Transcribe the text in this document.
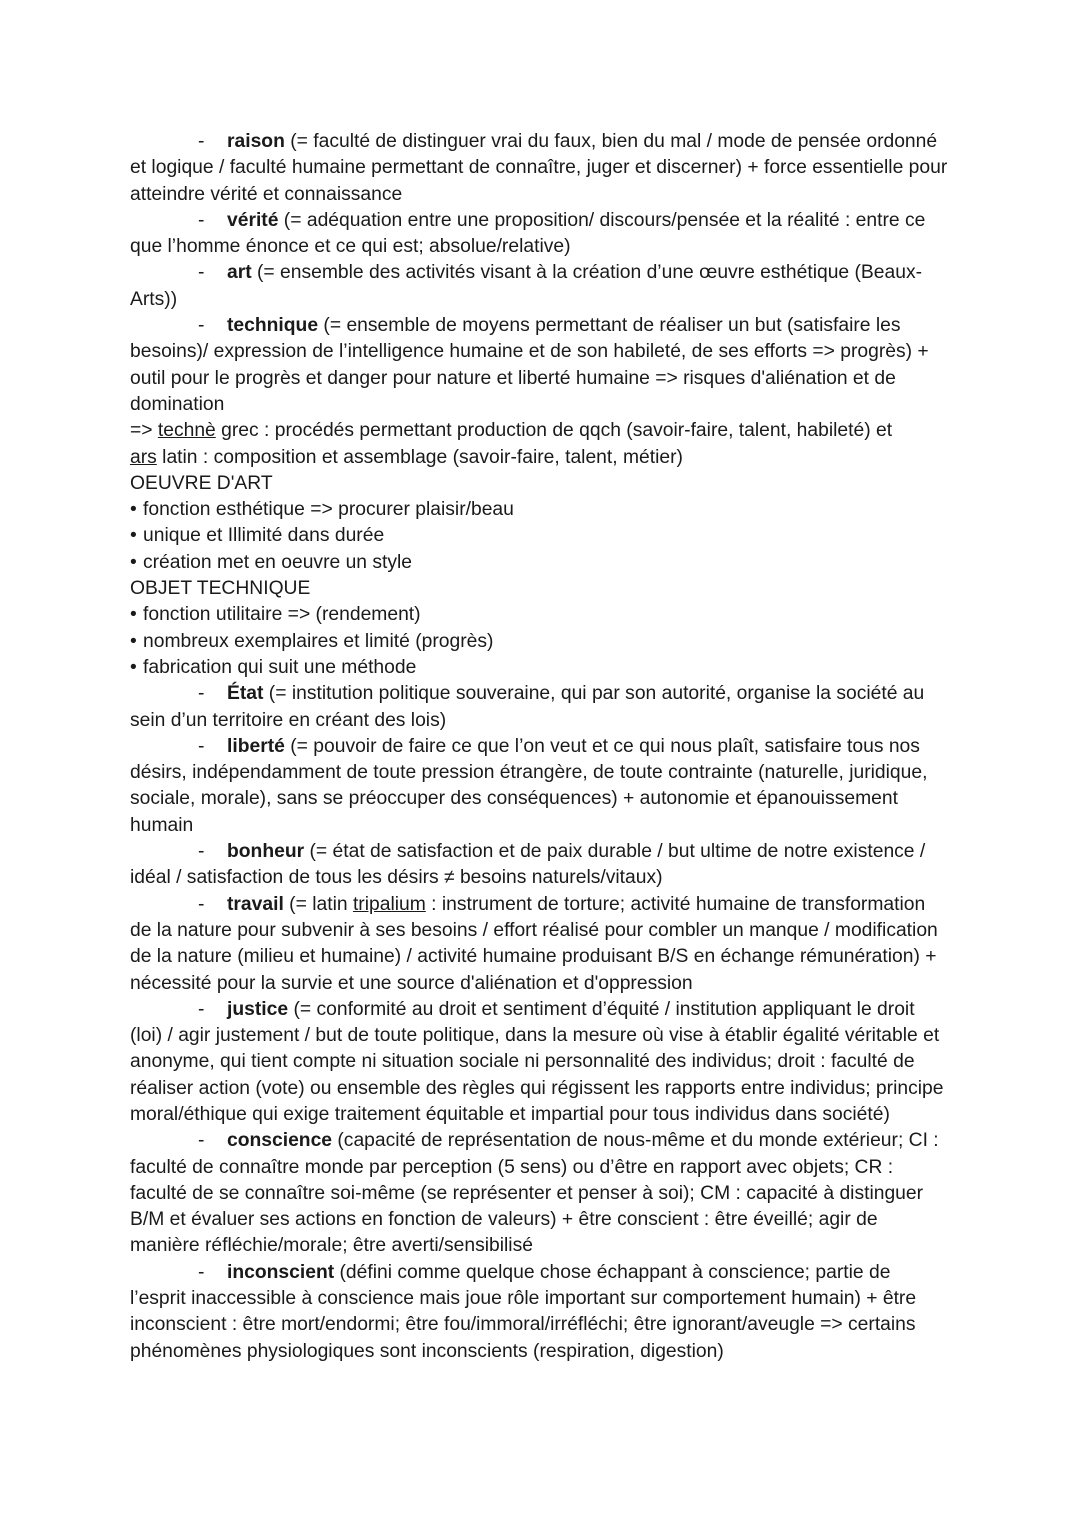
- raison (= faculté de distinguer vrai du faux, bien du mal / mode de pensée ordonné et logique / faculté humaine permettant de connaître, juger et discerner) + force essentielle pour atteindre vérité et connaissance

- vérité (= adéquation entre une proposition/ discours/pensée et la réalité : entre ce que l’homme énonce et ce qui est; absolue/relative)

- art (= ensemble des activités visant à la création d’une œuvre esthétique (Beaux-Arts))

- technique (= ensemble de moyens permettant de réaliser un but (satisfaire les besoins)/ expression de l’intelligence humaine et de son habileté, de ses efforts => progrès) + outil pour le progrès et danger pour nature et liberté humaine => risques d'aliénation et de domination

=> technè grec : procédés permettant production de qqch (savoir-faire, talent, habileté) et

ars latin : composition et assemblage (savoir-faire, talent, métier)

OEUVRE D'ART

• fonction esthétique => procurer plaisir/beau

• unique et Illimité dans durée

• création met en oeuvre un style

OBJET TECHNIQUE

• fonction utilitaire => (rendement)

• nombreux exemplaires et limité (progrès)

• fabrication qui suit une méthode

- État (= institution politique souveraine, qui par son autorité, organise la société au sein d’un territoire en créant des lois)

- liberté (= pouvoir de faire ce que l’on veut et ce qui nous plaît, satisfaire tous nos désirs, indépendamment de toute pression étrangère, de toute contrainte (naturelle, juridique, sociale, morale), sans se préoccuper des conséquences) + autonomie et épanouissement humain

- bonheur (= état de satisfaction et de paix durable / but ultime de notre existence / idéal / satisfaction de tous les désirs ≠ besoins naturels/vitaux)

- travail (= latin tripalium : instrument de torture; activité humaine de transformation de la nature pour subvenir à ses besoins / effort réalisé pour combler un manque / modification de la nature (milieu et humaine) / activité humaine produisant B/S en échange rémunération) + nécessité pour la survie et une source d'aliénation et d'oppression

- justice (= conformité au droit et sentiment d’équité / institution appliquant le droit (loi) / agir justement / but de toute politique, dans la mesure où vise à établir égalité véritable et anonyme, qui tient compte ni situation sociale ni personnalité des individus; droit : faculté de réaliser action (vote) ou ensemble des règles qui régissent les rapports entre individus; principe moral/éthique qui exige traitement équitable et impartial pour tous individus dans société)

- conscience (capacité de représentation de nous-même et du monde extérieur; CI : faculté de connaître monde par perception (5 sens) ou d’être en rapport avec objets; CR : faculté de se connaître soi-même (se représenter et penser à soi); CM : capacité à distinguer B/M et évaluer ses actions en fonction de valeurs) + être conscient : être éveillé; agir de manière réfléchie/morale; être averti/sensibilisé

- inconscient (défini comme quelque chose échappant à conscience; partie de l’esprit inaccessible à conscience mais joue rôle important sur comportement humain) + être inconscient : être mort/endormi; être fou/immoral/irréfléchi; être ignorant/aveugle => certains phénomènes physiologiques sont inconscients (respiration, digestion)
